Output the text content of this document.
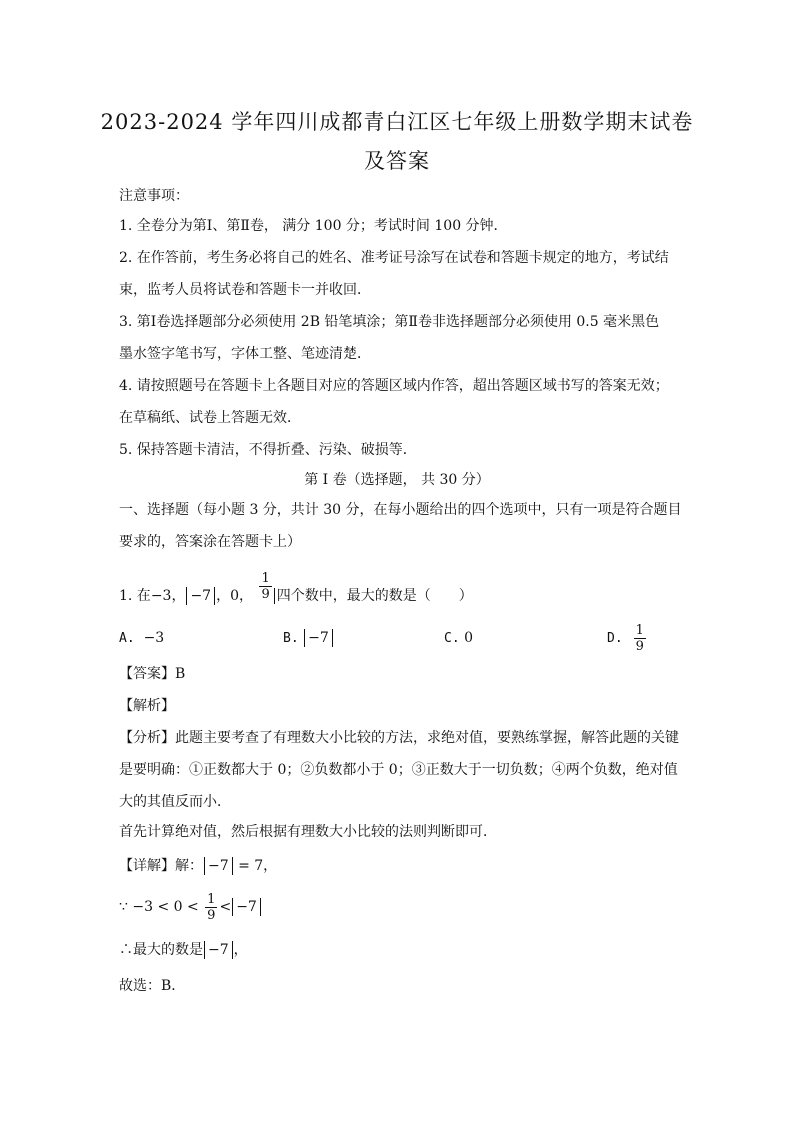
2023-2024 学年四川成都青白江区七年级上册数学期末试卷
及答案
注意事项：
1. 全卷分为第Ⅰ、第Ⅱ卷， 满分 100 分；考试时间 100 分钟．
2. 在作答前，考生务必将自己的姓名、准考证号涂写在试卷和答题卡规定的地方，考试结
束，监考人员将试卷和答题卡一并收回．
3. 第Ⅰ卷选择题部分必须使用 2B 铅笔填涂；第Ⅱ卷非选择题部分必须使用 0.5 毫米黑色
墨水签字笔书写，字体工整、笔迹清楚．
4. 请按照题号在答题卡上各题目对应的答题区域内作答，超出答题区域书写的答案无效；
在草稿纸、试卷上答题无效．
5. 保持答题卡清洁，不得折叠、污染、破损等．
第 Ⅰ 卷（选择题， 共 30 分）
一、选择题（每小题 3 分，共计 30 分，在每小题给出的四个选项中，只有一项是符合题目
要求的，答案涂在答题卡上）
1. 在−3， −7 ，0， $\frac{1}{9}$ 四个数中，最大的数是（　　）
A. −3	B. −7	C. 0	D. $\frac{1}{9}$
【答案】B
【解析】
【分析】此题主要考查了有理数大小比较的方法，求绝对值，要熟练掌握，解答此题的关键
是要明确：①正数都大于 0；②负数都小于 0；③正数大于一切负数；④两个负数，绝对值
大的其值反而小．
首先计算绝对值，然后根据有理数大小比较的法则判断即可．
【详解】解： −7 = 7，
∵ $-3 < 0 < \frac{1}{9} < -7$
∴最大的数是 −7 ，
故选：B．
